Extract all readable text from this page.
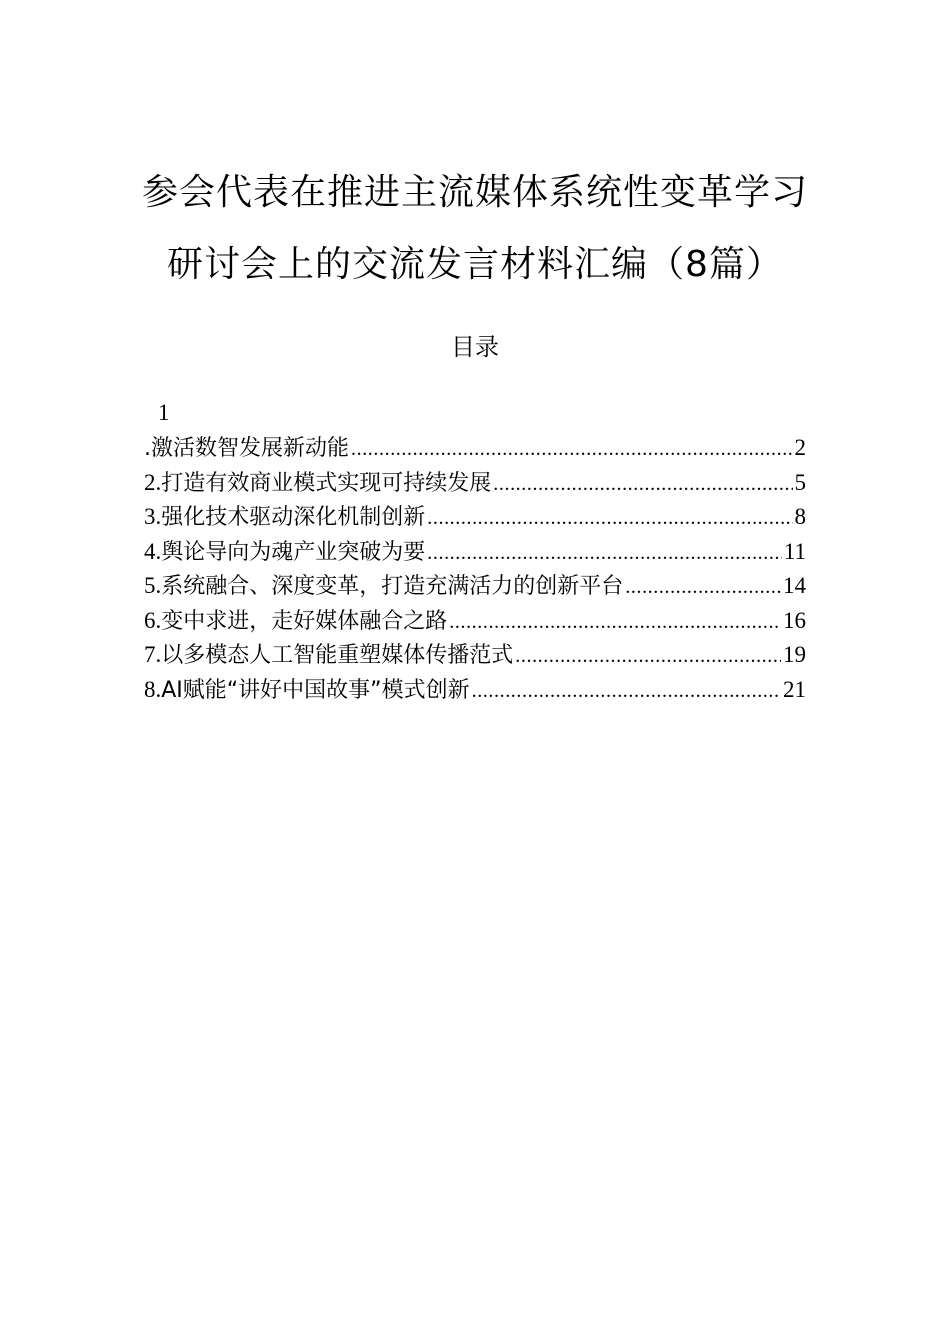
参会代表在推进主流媒体系统性变革学习
研讨会上的交流发言材料汇编（8篇）
目录
1
.激活数智发展新动能 .....	2
2. 打造有效商业模式实现可持续发展 .....	5
3. 强化技术驱动深化机制创新 .....	8
4. 舆论导向为魂产业突破为要 .....	11
5. 系统融合、深度变革，打造充满活力的创新平台 .....	14
6. 变中求进，走好媒体融合之路 .....	16
7. 以多模态人工智能重塑媒体传播范式 .....	19
8. AI赋能“讲好中国故事”模式创新 .....	21
